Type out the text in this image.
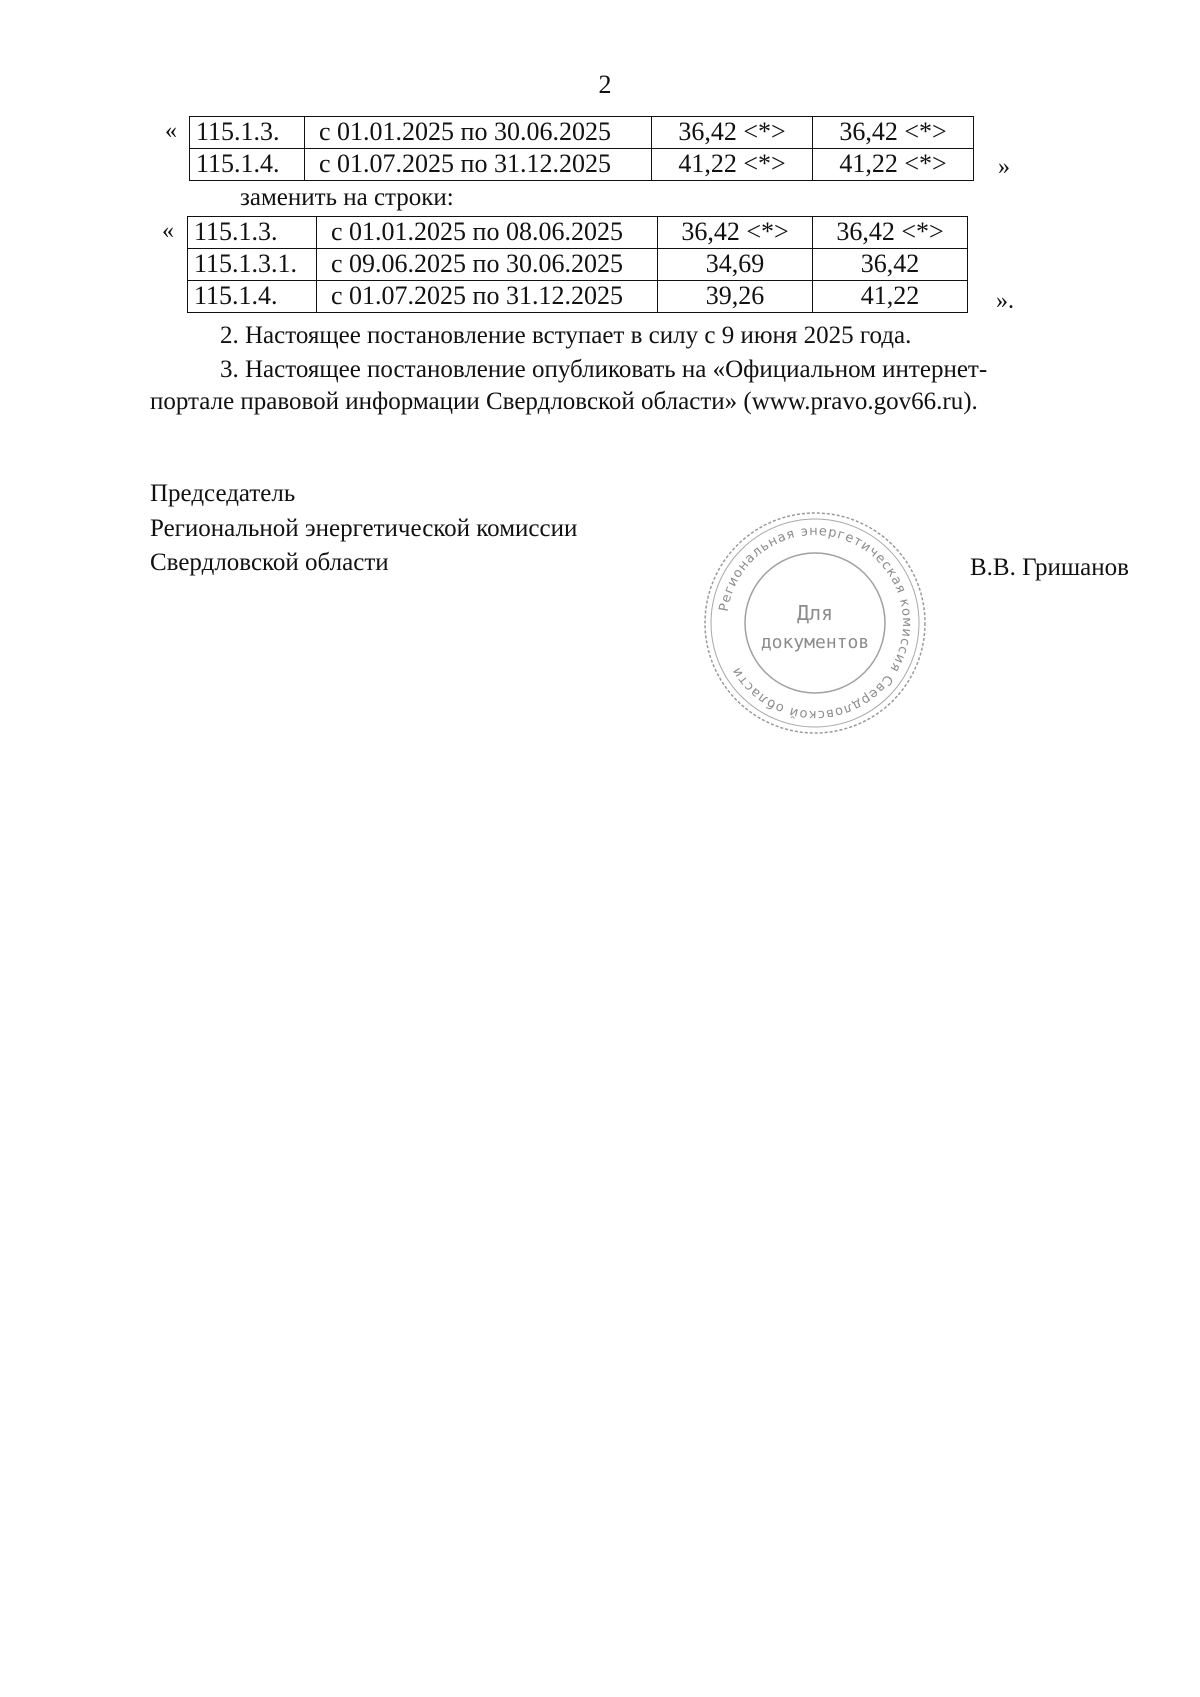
2
« 115.1.3.	с 01.01.2025 по 30.06.2025	36,42 <*>	36,42 <*>
115.1.4.	с 01.07.2025 по 31.12.2025	41,22 <*>	41,22 <*> »
заменить на строки:
« 115.1.3.	с 01.01.2025 по 08.06.2025	36,42 <*>	36,42 <*>
115.1.3.1.	с 09.06.2025 по 30.06.2025	34,69	36,42
115.1.4.	с 01.07.2025 по 31.12.2025	39,26	41,22	».
2. Настоящее постановление вступает в силу с 9 июня 2025 года.
3. Настоящее постановление опубликовать на «Официальном интернет-
портале правовой информации Свердловской области» (www.pravo.gov66.ru).
Председатель
Региональной энергетической комиссии
Свердловской области	В.В. Гришанов
Региональная энергетическая комиссия Свердловской области
Для
документов
